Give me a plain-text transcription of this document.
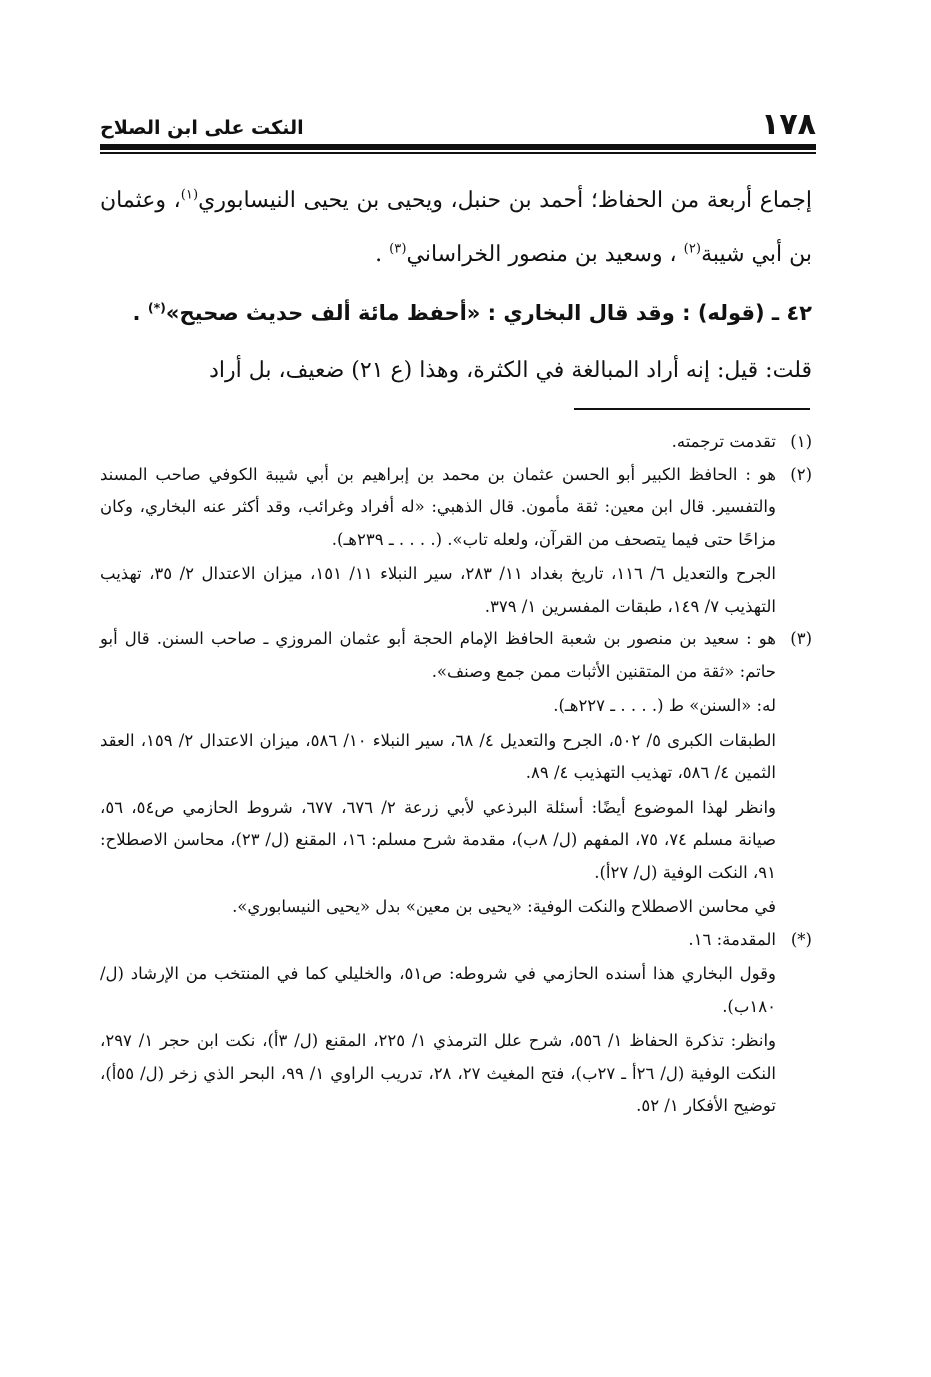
١٧٨
النكت على ابن الصلاح

إجماع أربعة من الحفاظ؛ أحمد بن حنبل، ويحيى بن يحيى النيسابوري$^{(١)}$، وعثمان بن أبي شيبة$^{(٢)}$ ، وسعيد بن منصور الخراساني$^{(٣)}$ .

٤٢ ـ (قوله) : وقد قال البخاري : «أحفظ مائة ألف حديث صحيح»(*) .

قلت: قيل: إنه أراد المبالغة في الكثرة، وهذا (ع ٢١) ضعيف، بل أراد

(١)

تقدمت ترجمته.

(٢)

هو : الحافظ الكبير أبو الحسن عثمان بن محمد بن إبراهيم بن أبي شيبة الكوفي صاحب المسند والتفسير. قال ابن معين: ثقة مأمون. قال الذهبي: «له أفراد وغرائب، وقد أكثر عنه البخاري، وكان مزاحًا حتى فيما يتصحف من القرآن، ولعله تاب». (. . . . ـ ٢٣٩هـ).

الجرح والتعديل ٦/ ١١٦، تاريخ بغداد ١١/ ٢٨٣، سير النبلاء ١١/ ١٥١، ميزان الاعتدال ٢/ ٣٥، تهذيب التهذيب ٧/ ١٤٩، طبقات المفسرين ١/ ٣٧٩.

(٣)

هو : سعيد بن منصور بن شعبة الحافظ الإمام الحجة أبو عثمان المروزي ـ صاحب السنن. قال أبو حاتم: «ثقة من المتقنين الأثبات ممن جمع وصنف».

له: «السنن» ط (. . . . ـ ٢٢٧هـ).

الطبقات الكبرى ٥/ ٥٠٢، الجرح والتعديل ٤/ ٦٨، سير النبلاء ١٠/ ٥٨٦، ميزان الاعتدال ٢/ ١٥٩، العقد الثمين ٤/ ٥٨٦، تهذيب التهذيب ٤/ ٨٩.

وانظر لهذا الموضوع أيضًا: أسئلة البرذعي لأبي زرعة ٢/ ٦٧٦، ٦٧٧، شروط الحازمي ص٥٤، ٥٦، صيانة مسلم ٧٤، ٧٥، المفهم (ل/ ٨ب)، مقدمة شرح مسلم: ١٦، المقنع (ل/ ٢٣)، محاسن الاصطلاح: ٩١، النكت الوفية (ل/ ٢٧أ).

في محاسن الاصطلاح والنكت الوفية: «يحيى بن معين» بدل «يحيى النيسابوري».

(*)

المقدمة: ١٦.

وقول البخاري هذا أسنده الحازمي في شروطه: ص٥١، والخليلي كما في المنتخب من الإرشاد (ل/ ١٨٠ب).

وانظر: تذكرة الحفاظ ١/ ٥٥٦، شرح علل الترمذي ١/ ٢٢٥، المقنع (ل/ ٣أ)، نكت ابن حجر ١/ ٢٩٧، النكت الوفية (ل/ ٢٦أ ـ ٢٧ب)، فتح المغيث ٢٧، ٢٨، تدريب الراوي ١/ ٩٩، البحر الذي زخر (ل/ ٥٥أ)، توضيح الأفكار ١/ ٥٢.
